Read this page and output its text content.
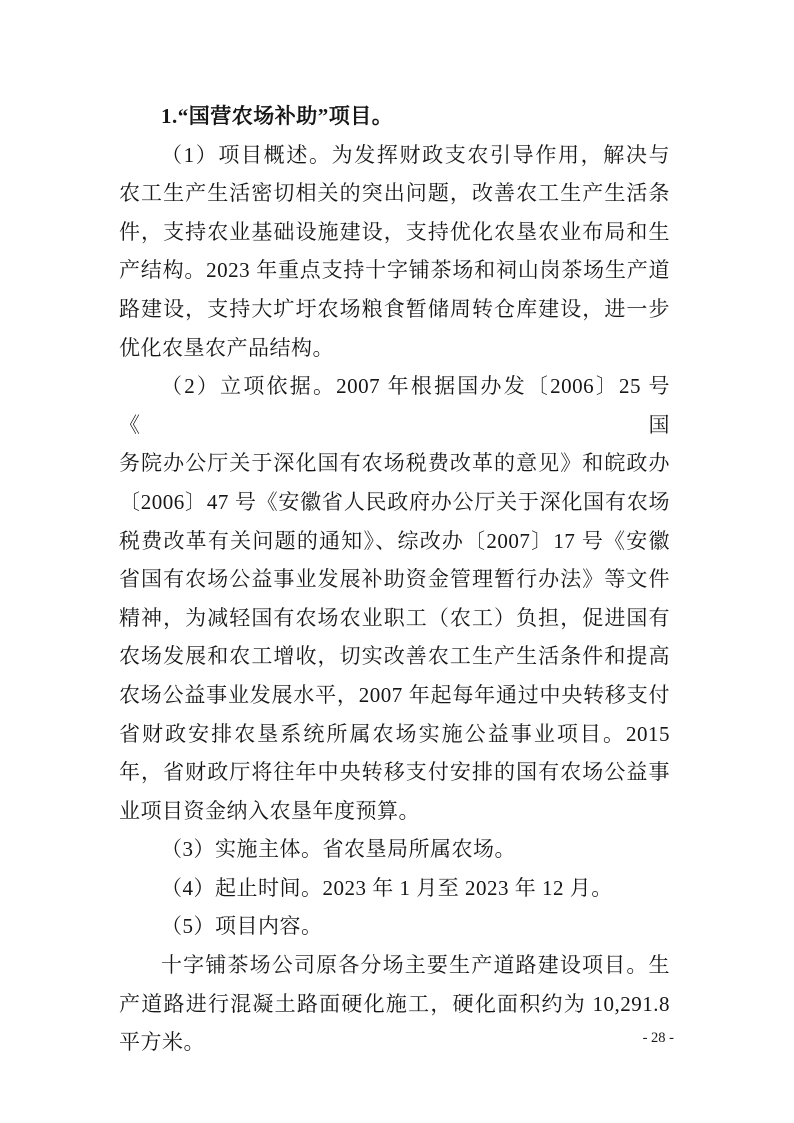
1.“国营农场补助”项目。
（1）项目概述。为发挥财政支农引导作用，解决与
农工生产生活密切相关的突出问题，改善农工生产生活条
件，支持农业基础设施建设，支持优化农垦农业布局和生
产结构。2023 年重点支持十字铺茶场和祠山岗茶场生产道
路建设，支持大圹圩农场粮食暂储周转仓库建设，进一步
优化农垦农产品结构。
（2）立项依据。2007 年根据国办发〔2006〕25 号《国
务院办公厅关于深化国有农场税费改革的意见》和皖政办
〔2006〕47 号《安徽省人民政府办公厅关于深化国有农场
税费改革有关问题的通知》、综改办〔2007〕17 号《安徽
省国有农场公益事业发展补助资金管理暂行办法》等文件
精神，为减轻国有农场农业职工（农工）负担，促进国有
农场发展和农工增收，切实改善农工生产生活条件和提高
农场公益事业发展水平，2007 年起每年通过中央转移支付
省财政安排农垦系统所属农场实施公益事业项目。2015
年，省财政厅将往年中央转移支付安排的国有农场公益事
业项目资金纳入农垦年度预算。
（3）实施主体。省农垦局所属农场。
（4）起止时间。2023 年 1 月至 2023 年 12 月。
（5）项目内容。
十字铺茶场公司原各分场主要生产道路建设项目。生
产道路进行混凝土路面硬化施工，硬化面积约为 10,291.8
平方米。	- 28 -
